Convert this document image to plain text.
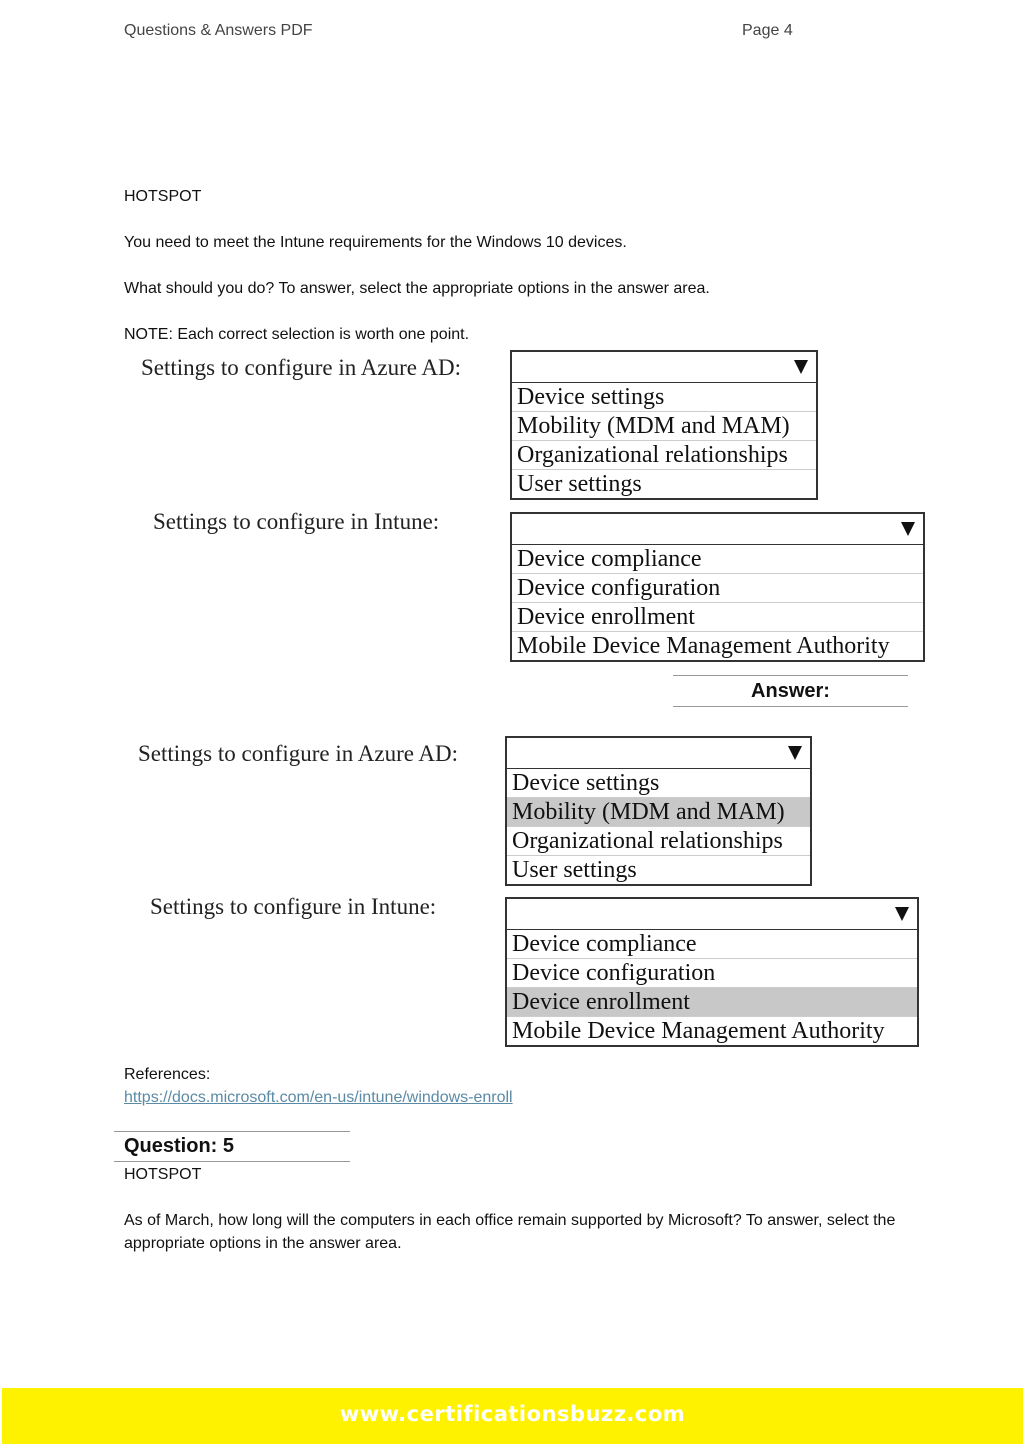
Questions & Answers PDF	Page 4
HOTSPOT
You need to meet the Intune requirements for the Windows 10 devices.
What should you do? To answer, select the appropriate options in the answer area.
NOTE: Each correct selection is worth one point.
Settings to configure in Azure AD:
Device settings
Mobility (MDM and MAM)
Organizational relationships
User settings
Settings to configure in Intune:
Device compliance
Device configuration
Device enrollment
Mobile Device Management Authority
Answer:
Settings to configure in Azure AD:
Device settings
Mobility (MDM and MAM)
Organizational relationships
User settings
Settings to configure in Intune:
Device compliance
Device configuration
Device enrollment
Mobile Device Management Authority
References:
https://docs.microsoft.com/en-us/intune/windows-enroll
Question: 5
HOTSPOT
As of March, how long will the computers in each office remain supported by Microsoft? To answer, select the appropriate options in the answer area.
www.certificationsbuzz.com
